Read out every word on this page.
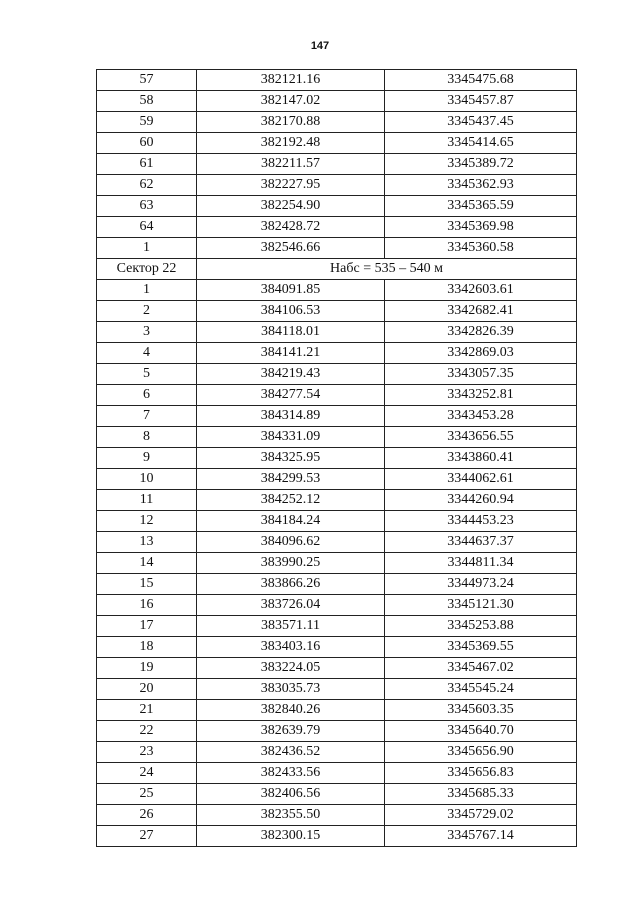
147
57	382121.16	3345475.68
58	382147.02	3345457.87
59	382170.88	3345437.45
60	382192.48	3345414.65
61	382211.57	3345389.72
62	382227.95	3345362.93
63	382254.90	3345365.59
64	382428.72	3345369.98
1	382546.66	3345360.58
Сектор 22	Набс = 535 – 540 м	
1	384091.85	3342603.61
2	384106.53	3342682.41
3	384118.01	3342826.39
4	384141.21	3342869.03
5	384219.43	3343057.35
6	384277.54	3343252.81
7	384314.89	3343453.28
8	384331.09	3343656.55
9	384325.95	3343860.41
10	384299.53	3344062.61
11	384252.12	3344260.94
12	384184.24	3344453.23
13	384096.62	3344637.37
14	383990.25	3344811.34
15	383866.26	3344973.24
16	383726.04	3345121.30
17	383571.11	3345253.88
18	383403.16	3345369.55
19	383224.05	3345467.02
20	383035.73	3345545.24
21	382840.26	3345603.35
22	382639.79	3345640.70
23	382436.52	3345656.90
24	382433.56	3345656.83
25	382406.56	3345685.33
26	382355.50	3345729.02
27	382300.15	3345767.14
